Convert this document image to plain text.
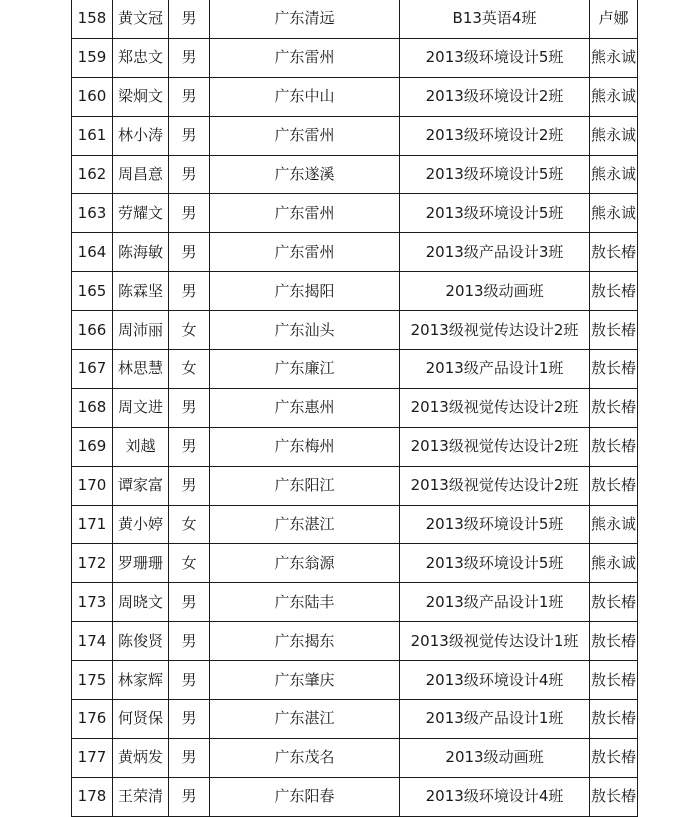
158	黄文冠	男	广东清远	B13英语4班	卢娜
159	郑忠文	男	广东雷州	2013级环境设计5班	熊永诚
160	梁炯文	男	广东中山	2013级环境设计2班	熊永诚
161	林小涛	男	广东雷州	2013级环境设计2班	熊永诚
162	周昌意	男	广东遂溪	2013级环境设计5班	熊永诚
163	劳耀文	男	广东雷州	2013级环境设计5班	熊永诚
164	陈海敏	男	广东雷州	2013级产品设计3班	敖长椿
165	陈霖坚	男	广东揭阳	2013级动画班	敖长椿
166	周沛丽	女	广东汕头	2013级视觉传达设计2班	敖长椿
167	林思慧	女	广东廉江	2013级产品设计1班	敖长椿
168	周文进	男	广东惠州	2013级视觉传达设计2班	敖长椿
169	刘越	男	广东梅州	2013级视觉传达设计2班	敖长椿
170	谭家富	男	广东阳江	2013级视觉传达设计2班	敖长椿
171	黄小婷	女	广东湛江	2013级环境设计5班	熊永诚
172	罗珊珊	女	广东翁源	2013级环境设计5班	熊永诚
173	周晓文	男	广东陆丰	2013级产品设计1班	敖长椿
174	陈俊贤	男	广东揭东	2013级视觉传达设计1班	敖长椿
175	林家辉	男	广东肇庆	2013级环境设计4班	敖长椿
176	何贤保	男	广东湛江	2013级产品设计1班	敖长椿
177	黄炳发	男	广东茂名	2013级动画班	敖长椿
178	王荣清	男	广东阳春	2013级环境设计4班	敖长椿
